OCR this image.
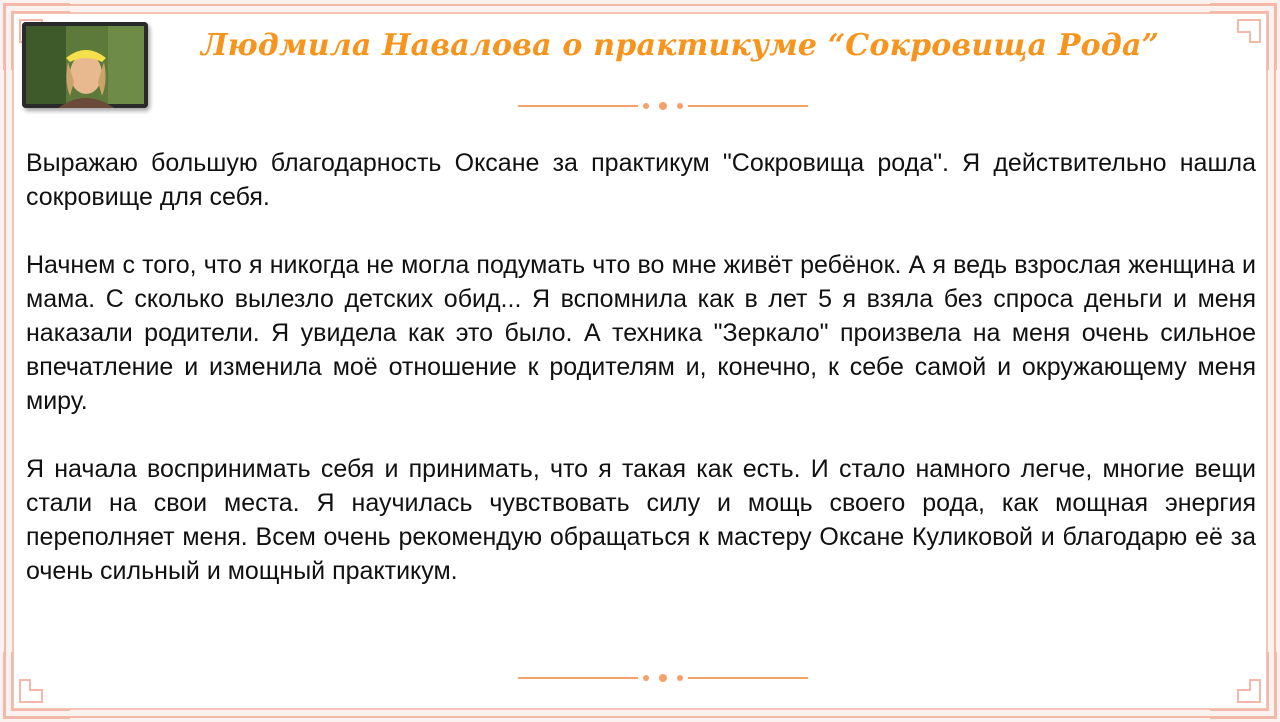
Людмила Навалова о практикуме “Сокровища Рода”

Выражаю большую благодарность Оксане за практикум "Сокровища рода". Я действительно нашла сокровище для себя.

Начнем с того, что я никогда не могла подумать что во мне живёт ребёнок. А я ведь взрослая женщина и мама. С сколько вылезло детских обид... Я вспомнила как в лет 5 я взяла без спроса деньги и меня наказали родители. Я увидела как это было. А техника "Зеркало" произвела на меня очень сильное впечатление и изменила моё отношение к родителям и, конечно, к себе самой и окружающему меня миру.

Я начала воспринимать себя и принимать, что я такая как есть. И стало намного легче, многие вещи стали на свои места. Я научилась чувствовать силу и мощь своего рода, как мощная энергия переполняет меня. Всем очень рекомендую обращаться к мастеру Оксане Куликовой и благодарю её за очень сильный и мощный практикум.
